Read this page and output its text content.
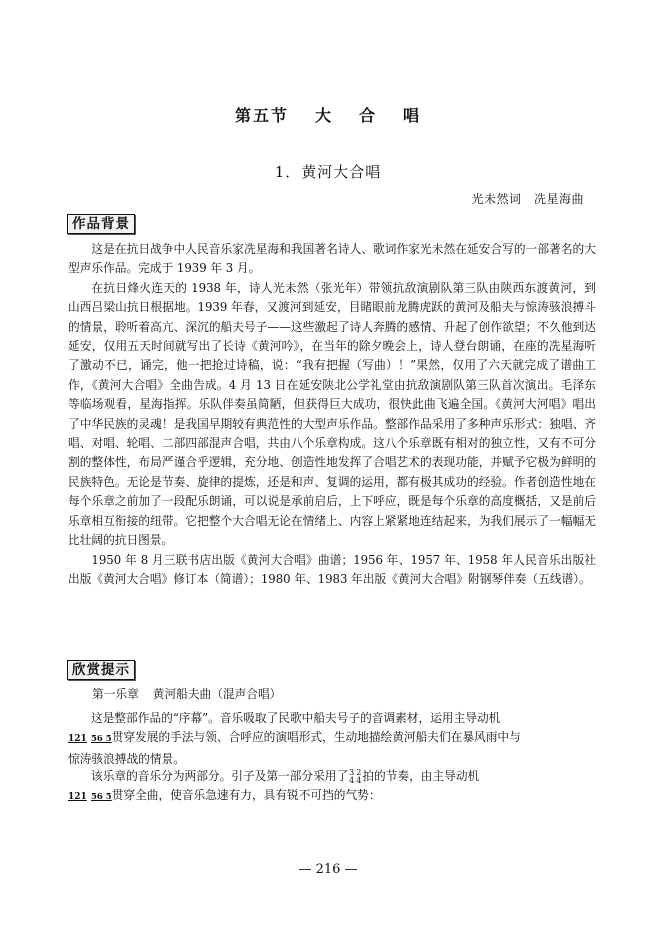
第五节 大 合 唱
1．黄河大合唱
光未然词　冼星海曲
作品背景

这是在抗日战争中人民音乐家冼星海和我国著名诗人、歌词作家光未然在延安合写的一部著名的大型声乐作品。完成于 1939 年 3 月。

在抗日烽火连天的 1938 年，诗人光未然（张光年）带领抗敌演剧队第三队由陕西东渡黄河，到山西吕梁山抗日根据地。1939 年春，又渡河到延安，目睹眼前龙腾虎跃的黄河及船夫与惊涛骇浪搏斗的情景，聆听着高亢、深沉的船夫号子——这些激起了诗人奔腾的感情、升起了创作欲望；不久他到达延安，仅用五天时间就写出了长诗《黄河吟》，在当年的除夕晚会上，诗人登台朗诵，在座的冼星海听了激动不已，诵完，他一把抢过诗稿，说：“我有把握（写曲）！”果然，仅用了六天就完成了谱曲工作，《黄河大合唱》全曲告成。4 月 13 日在延安陕北公学礼堂由抗敌演剧队第三队首次演出。毛泽东等临场观看，星海指挥。乐队伴奏虽简陋，但获得巨大成功，很快此曲飞遍全国。《黄河大河唱》唱出了中华民族的灵魂！是我国早期较有典范性的大型声乐作品。整部作品采用了多种声乐形式：独唱、齐唱、对唱、轮唱、二部四部混声合唱，共由八个乐章构成。这八个乐章既有相对的独立性，又有不可分割的整体性，布局严谨合乎逻辑，充分地、创造性地发挥了合唱艺术的表现功能，并赋予它极为鲜明的民族特色。无论是节奏、旋律的提炼，还是和声、复调的运用，都有极其成功的经验。作者创造性地在每个乐章之前加了一段配乐朗诵，可以说是承前启后，上下呼应，既是每个乐章的高度概括，又是前后乐章相互衔接的纽带。它把整个大合唱无论在情绪上、内容上紧紧地连结起来，为我们展示了一幅幅无比壮阔的抗日图景。

1950 年 8 月三联书店出版《黄河大合唱》曲谱；1956 年、1957 年、1958 年人民音乐出版社出版《黄河大合唱》修订本（简谱）；1980 年、1983 年出版《黄河大合唱》附钢琴伴奏（五线谱）。

欣赏提示
第一乐章 黄河船夫曲（混声合唱）
这是整部作品的“序幕”。音乐吸取了民歌中船夫号子的音调素材，运用主导动机
121 56 5贯穿发展的手法与领、合呼应的演唱形式，生动地描绘黄河船夫们在暴风雨中与
惊涛骇浪搏战的情景。
该乐章的音乐分为两部分。引子及第一部分采用了 3
4
2
4 拍的节奏，由主导动机
121 56 5贯穿全曲，使音乐急速有力，具有锐不可挡的气势：
— 216 —
